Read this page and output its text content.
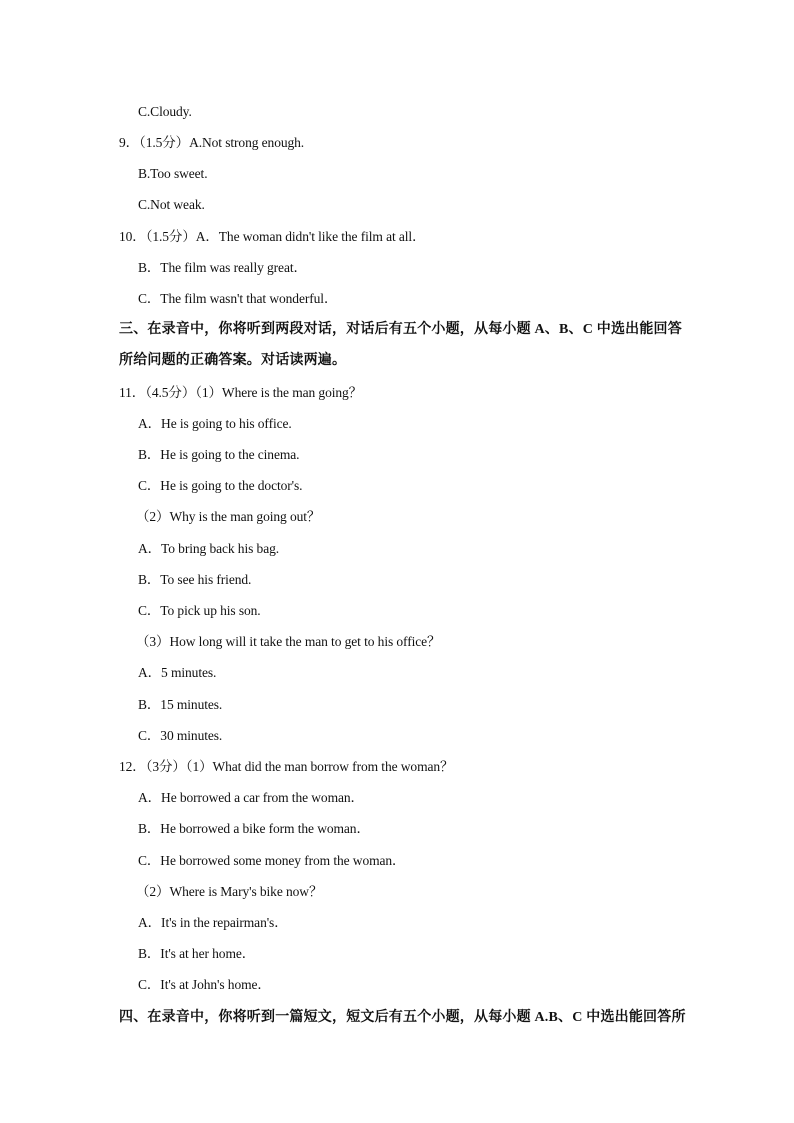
C.Cloudy.
9．（1.5分）A.Not strong enough.
B.Too sweet.
C.Not weak.
10．（1.5分）A．The woman didn't like the film at all．
B．The film was really great．
C．The film wasn't that wonderful．
三、在录音中，你将听到两段对话，对话后有五个小题，从每小题 A、B、C 中选出能回答
所给问题的正确答案。对话读两遍。
11．（4.5分）（1）Where is the man going？
A．He is going to his office.
B．He is going to the cinema.
C．He is going to the doctor's.
（2）Why is the man going out？
A．To bring back his bag.
B．To see his friend.
C．To pick up his son.
（3）How long will it take the man to get to his office？
A．5 minutes.
B．15 minutes.
C．30 minutes.
12．（3分）（1）What did the man borrow from the woman？
A．He borrowed a car from the woman．
B．He borrowed a bike form the woman．
C．He borrowed some money from the woman．
（2）Where is Mary's bike now？
A．It's in the repairman's．
B．It's at her home．
C．It's at John's home．
四、在录音中，你将听到一篇短文，短文后有五个小题，从每小题 A.B、C 中选出能回答所
